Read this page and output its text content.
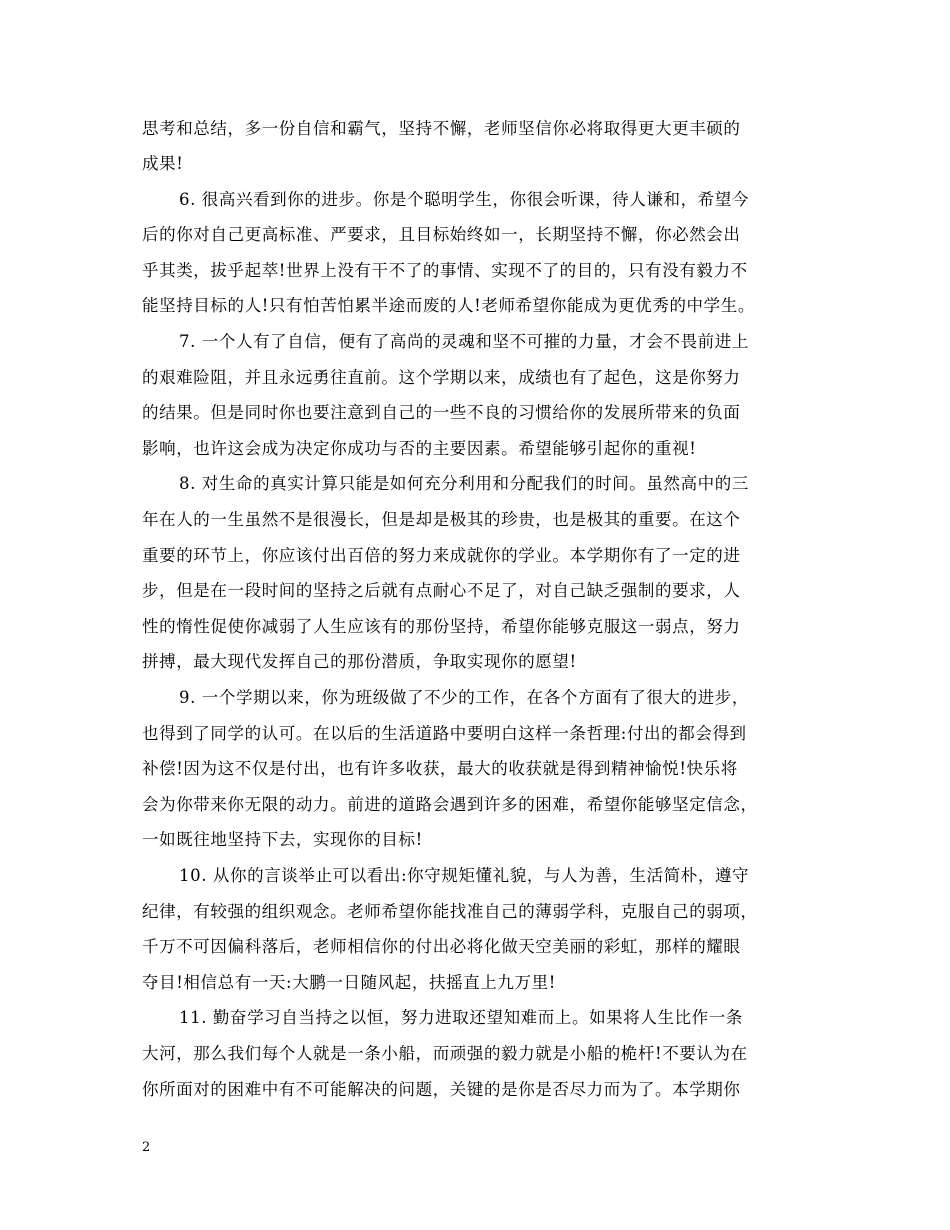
思考和总结，多一份自信和霸气，坚持不懈，老师坚信你必将取得更大更丰硕的
成果!
6. 很高兴看到你的进步。你是个聪明学生，你很会听课，待人谦和，希望今
后的你对自己更高标准、严要求，且目标始终如一，长期坚持不懈，你必然会出
乎其类，拔乎起萃!世界上没有干不了的事情、实现不了的目的，只有没有毅力不
能坚持目标的人!只有怕苦怕累半途而废的人!老师希望你能成为更优秀的中学生。
7. 一个人有了自信，便有了高尚的灵魂和坚不可摧的力量，才会不畏前进上
的艰难险阻，并且永远勇往直前。这个学期以来，成绩也有了起色，这是你努力
的结果。但是同时你也要注意到自己的一些不良的习惯给你的发展所带来的负面
影响，也许这会成为决定你成功与否的主要因素。希望能够引起你的重视!
8. 对生命的真实计算只能是如何充分利用和分配我们的时间。虽然高中的三
年在人的一生虽然不是很漫长，但是却是极其的珍贵，也是极其的重要。在这个
重要的环节上，你应该付出百倍的努力来成就你的学业。本学期你有了一定的进
步，但是在一段时间的坚持之后就有点耐心不足了，对自己缺乏强制的要求，人
性的惰性促使你减弱了人生应该有的那份坚持，希望你能够克服这一弱点，努力
拼搏，最大现代发挥自己的那份潜质，争取实现你的愿望!
9. 一个学期以来，你为班级做了不少的工作，在各个方面有了很大的进步，
也得到了同学的认可。在以后的生活道路中要明白这样一条哲理:付出的都会得到
补偿!因为这不仅是付出，也有许多收获，最大的收获就是得到精神愉悦!快乐将
会为你带来你无限的动力。前进的道路会遇到许多的困难，希望你能够坚定信念，
一如既往地坚持下去，实现你的目标!
10. 从你的言谈举止可以看出:你守规矩懂礼貌，与人为善，生活简朴，遵守
纪律，有较强的组织观念。老师希望你能找准自己的薄弱学科，克服自己的弱项，
千万不可因偏科落后，老师相信你的付出必将化做天空美丽的彩虹，那样的耀眼
夺目!相信总有一天:大鹏一日随风起，扶摇直上九万里!
11. 勤奋学习自当持之以恒，努力进取还望知难而上。如果将人生比作一条
大河，那么我们每个人就是一条小船，而顽强的毅力就是小船的桅杆!不要认为在
你所面对的困难中有不可能解决的问题，关键的是你是否尽力而为了。本学期你
2
